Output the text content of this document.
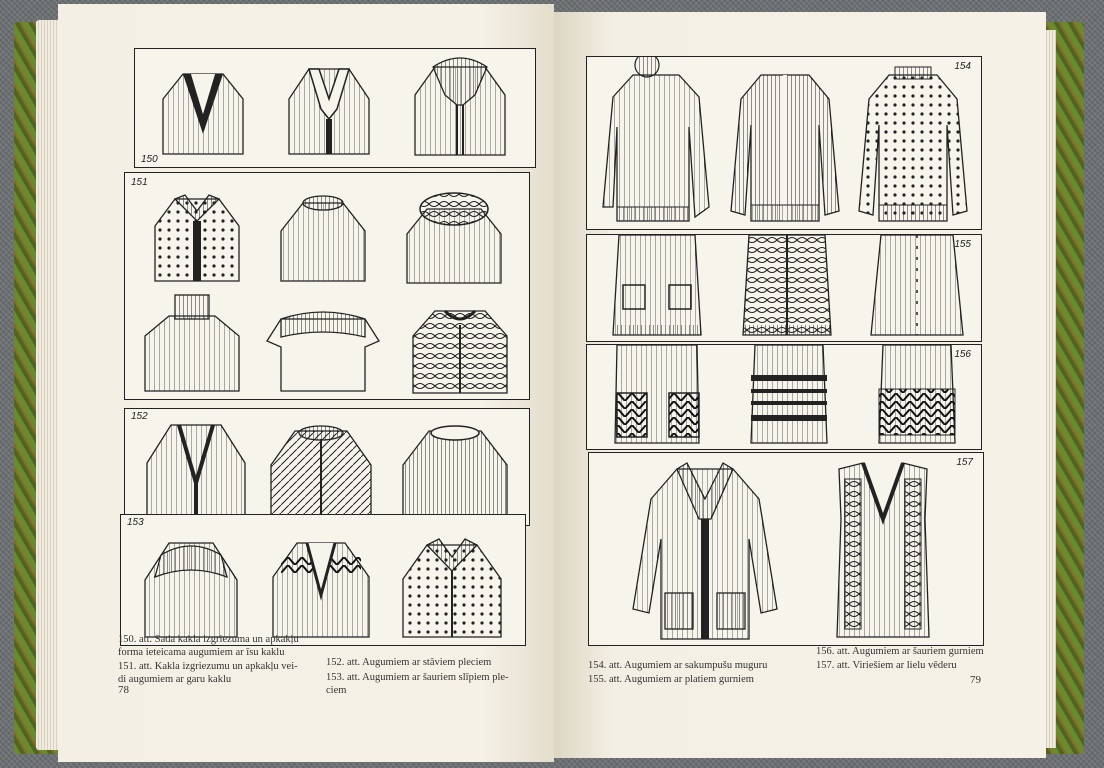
150
151
152
153
150. att. Sada kakla izgriezuma un apkakļu
forma ieteicama augumiem ar īsu kaklu
151. att. Kakla izgriezumu un apkakļu vei-
di augumiem ar garu kaklu
152. att. Augumiem ar stāviem pleciem
153. att. Augumiem ar šauriem slīpiem ple-
ciem
78
154
155
156
157
154. att. Augumiem ar sakumpušu muguru
155. att. Augumiem ar platiem gurniem
156. att. Augumiem ar šauriem gurniem
157. att. Viriešiem ar lielu vēderu
79
